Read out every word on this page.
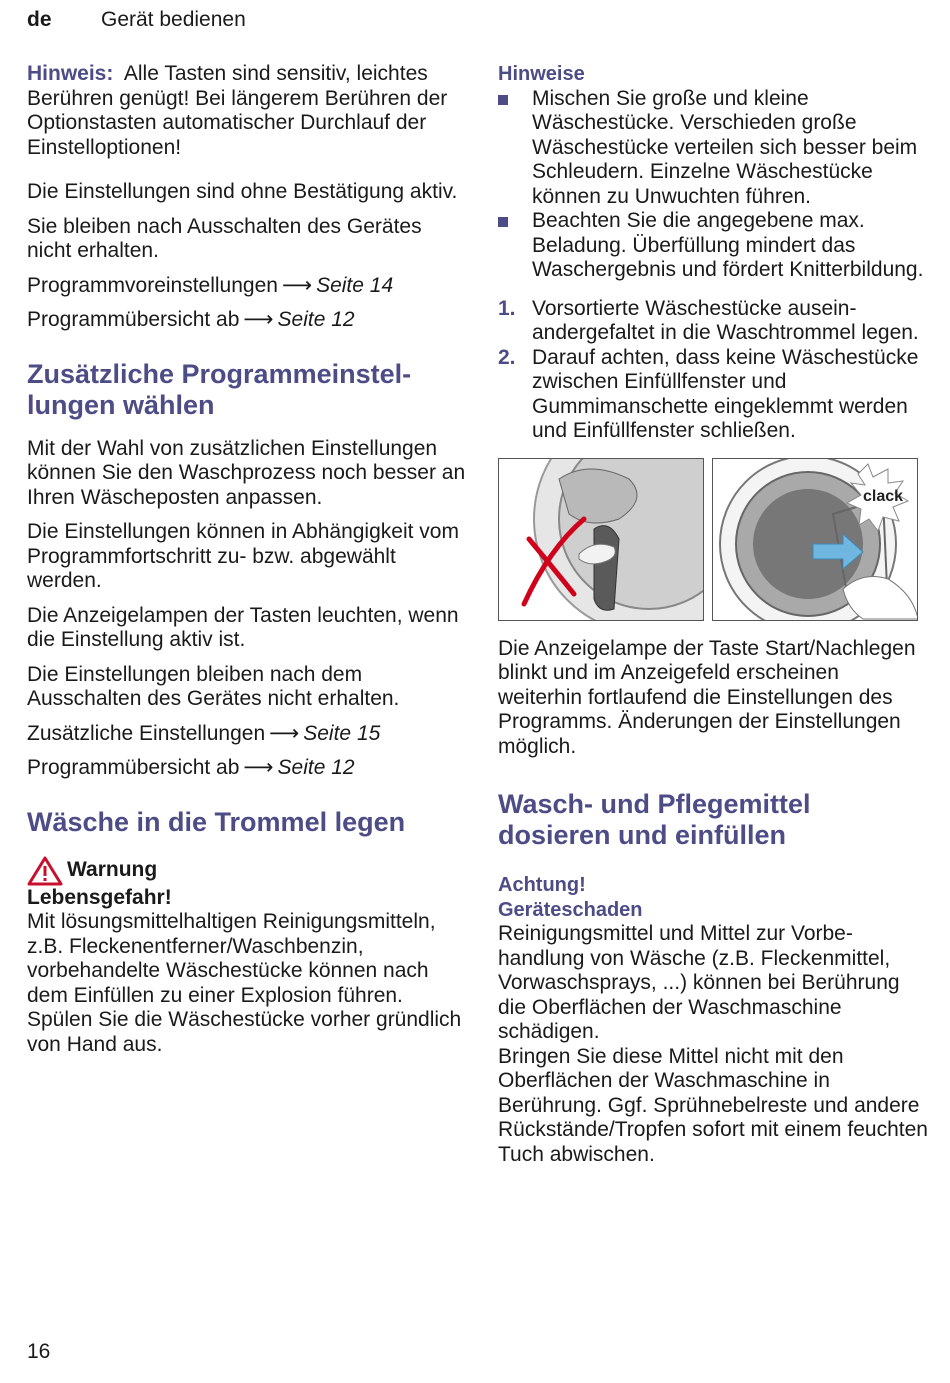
de Gerät bedienen

Hinweis: Alle Tasten sind sensitiv, leichtes Berühren genügt! Bei längerem Berühren der Optionstasten automatischer Durchlauf der Einstelloptionen!

Die Einstellungen sind ohne Bestätigung aktiv.

Sie bleiben nach Ausschalten des Gerätes nicht erhalten.

Programmvoreinstellungen ⟶ Seite 14
Programmübersicht ab ⟶ Seite 12
Zusätzliche Programmeinstellungen wählen

Mit der Wahl von zusätzlichen Einstellungen können Sie den Waschprozess noch besser an Ihren Wäscheposten anpassen.

Die Einstellungen können in Abhängigkeit vom Programmfortschritt zu- bzw. abgewählt werden.

Die Anzeigelampen der Tasten leuchten, wenn die Einstellung aktiv ist.

Die Einstellungen bleiben nach dem Ausschalten des Gerätes nicht erhalten.

Zusätzliche Einstellungen ⟶ Seite 15
Programmübersicht ab ⟶ Seite 12
Wäsche in die Trommel legen
Warnung
Lebensgefahr!
Mit lösungsmittelhaltigen Reinigungsmitteln, z.B. Fleckenentferner/Waschbenzin, vorbehandelte Wäschestücke können nach dem Einfüllen zu einer Explosion führen.
Spülen Sie die Wäschestücke vorher gründlich von Hand aus.
Hinweise
Mischen Sie große und kleine Wäschestücke. Verschieden große Wäschestücke verteilen sich besser beim Schleudern. Einzelne Wäschestücke können zu Unwuchten führen.
Beachten Sie die angegebene max. Beladung. Überfüllung mindert das Waschergebnis und fördert Knitterbildung.
1. Vorsortierte Wäschestücke auseinandergefaltet in die Waschtrommel legen.
2. Darauf achten, dass keine Wäschestücke zwischen Einfüllfenster und Gummimanschette eingeklemmt werden und Einfüllfenster schließen.
clack

Die Anzeigelampe der Taste Start/Nachlegen blinkt und im Anzeigefeld erscheinen weiterhin fortlaufend die Einstellungen des Programms. Änderungen der Einstellungen möglich.

Wasch- und Pflegemittel dosieren und einfüllen
Achtung!
Geräteschaden
Reinigungsmittel und Mittel zur Vorbehandlung von Wäsche (z.B. Fleckenmittel, Vorwaschsprays, ...) können bei Berührung die Oberflächen der Waschmaschine schädigen.
Bringen Sie diese Mittel nicht mit den Oberflächen der Waschmaschine in Berührung. Ggf. Sprühnebelreste und andere Rückstände/Tropfen sofort mit einem feuchten Tuch abwischen.
16
